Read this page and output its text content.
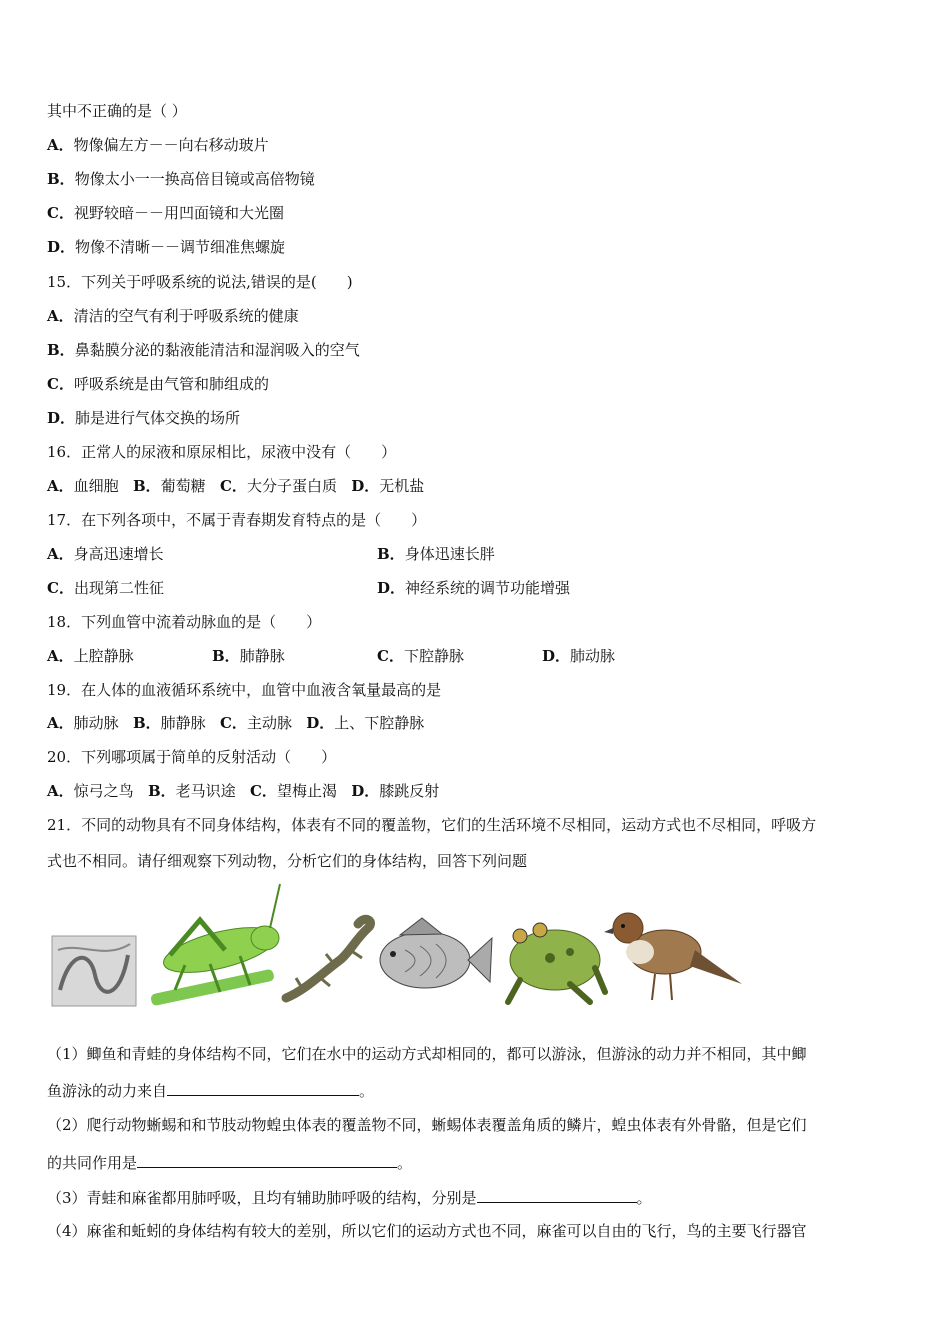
其中不正确的是（ ）
A．物像偏左方－－向右移动玻片
B．物像太小一一换高倍目镜或高倍物镜
C．视野较暗－－用凹面镜和大光圈
D．物像不清晰－－调节细准焦螺旋
15．下列关于呼吸系统的说法,错误的是(　　)
A．清洁的空气有利于呼吸系统的健康
B．鼻黏膜分泌的黏液能清洁和湿润吸入的空气
C．呼吸系统是由气管和肺组成的
D．肺是进行气体交换的场所
16．正常人的尿液和原尿相比，尿液中没有（　　）
A．血细胞 B．葡萄糖 C．大分子蛋白质 D．无机盐
17．在下列各项中，不属于青春期发育特点的是（　　）
A．身高迅速增长	B．身体迅速长胖
C．出现第二性征	D．神经系统的调节功能增强
18．下列血管中流着动脉血的是（　　）
A．上腔静脉	B．肺静脉	C．下腔静脉	D．肺动脉
19．在人体的血液循环系统中，血管中血液含氧量最高的是
A．肺动脉 B．肺静脉 C．主动脉 D．上、下腔静脉
20．下列哪项属于简单的反射活动（　　）
A．惊弓之鸟 B．老马识途 C．望梅止渴 D．膝跳反射
21．不同的动物具有不同身体结构，体表有不同的覆盖物，它们的生活环境不尽相同，运动方式也不尽相同，呼吸方
式也不相同。请仔细观察下列动物，分析它们的身体结构，回答下列问题
（1）鲫鱼和青蛙的身体结构不同，它们在水中的运动方式却相同的，都可以游泳，但游泳的动力并不相同，其中鲫
鱼游泳的动力来自	。
（2）爬行动物蜥蜴和和节肢动物蝗虫体表的覆盖物不同，蜥蜴体表覆盖角质的鳞片，蝗虫体表有外骨骼，但是它们
的共同作用是	。
（3）青蛙和麻雀都用肺呼吸，且均有辅助肺呼吸的结构，分别是	。
（4）麻雀和蚯蚓的身体结构有较大的差别，所以它们的运动方式也不同，麻雀可以自由的飞行，鸟的主要飞行器官
